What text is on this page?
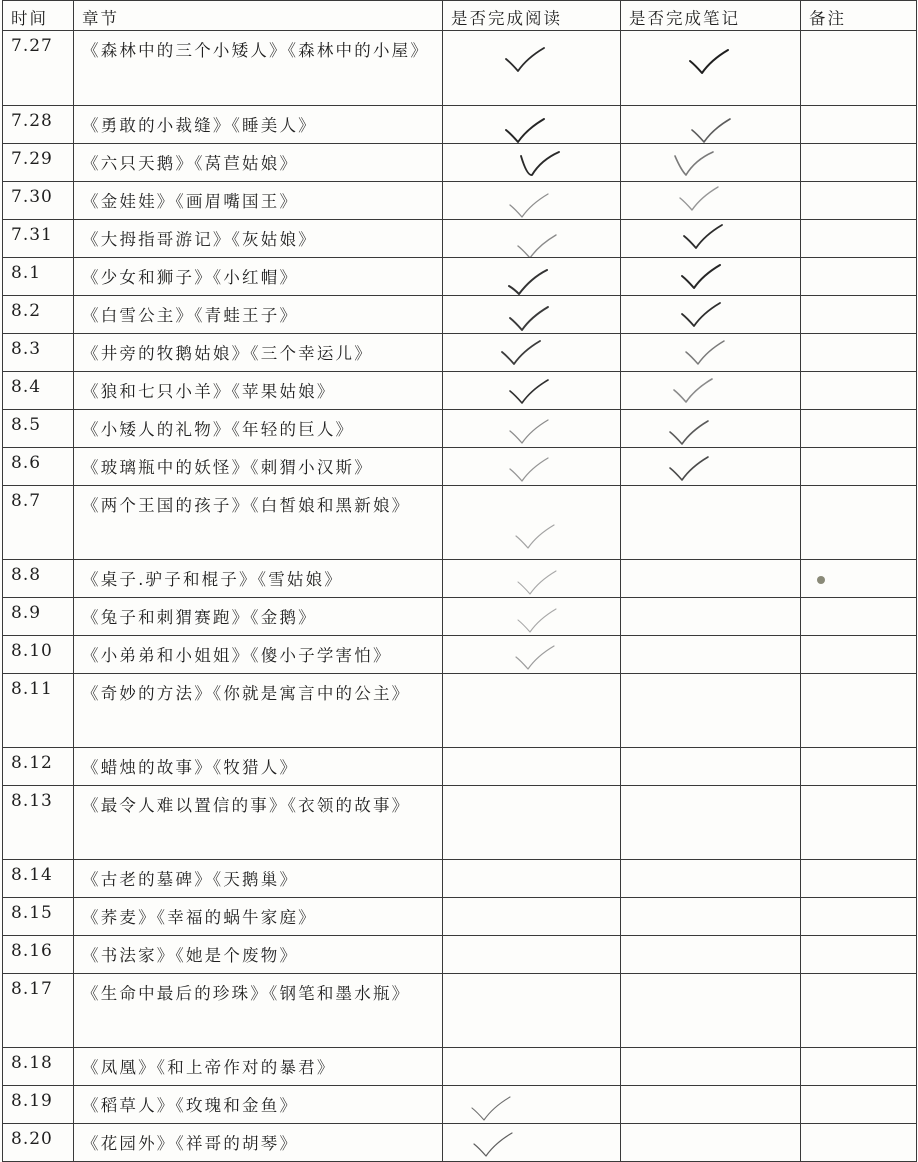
时间	章节	是否完成阅读	是否完成笔记	备注
7.27	《森林中的三个小矮人》《森林中的小屋》	

7.28	《勇敢的小裁缝》《睡美人》	

7.29	《六只天鹅》《莴苣姑娘》	

7.30	《金娃娃》《画眉嘴国王》	

7.31	《大拇指哥游记》《灰姑娘》	

8.1	《少女和狮子》《小红帽》	

8.2	《白雪公主》《青蛙王子》	

8.3	《井旁的牧鹅姑娘》《三个幸运儿》	

8.4	《狼和七只小羊》《苹果姑娘》	

8.5	《小矮人的礼物》《年轻的巨人》	

8.6	《玻璃瓶中的妖怪》《刺猬小汉斯》	

8.7	《两个王国的孩子》《白皙娘和黑新娘》	

8.8	《桌子.驴子和棍子》《雪姑娘》	

8.9	《兔子和刺猬赛跑》《金鹅》	

8.10	《小弟弟和小姐姐》《傻小子学害怕》	

8.11	《奇妙的方法》《你就是寓言中的公主》			
8.12	《蜡烛的故事》《牧猎人》			
8.13	《最令人难以置信的事》《衣领的故事》			
8.14	《古老的墓碑》《天鹅巢》			
8.15	《荞麦》《幸福的蜗牛家庭》			
8.16	《书法家》《她是个废物》			
8.17	《生命中最后的珍珠》《钢笔和墨水瓶》			
8.18	《凤凰》《和上帝作对的暴君》			
8.19	《稻草人》《玫瑰和金鱼》	

8.20	《花园外》《祥哥的胡琴》	
